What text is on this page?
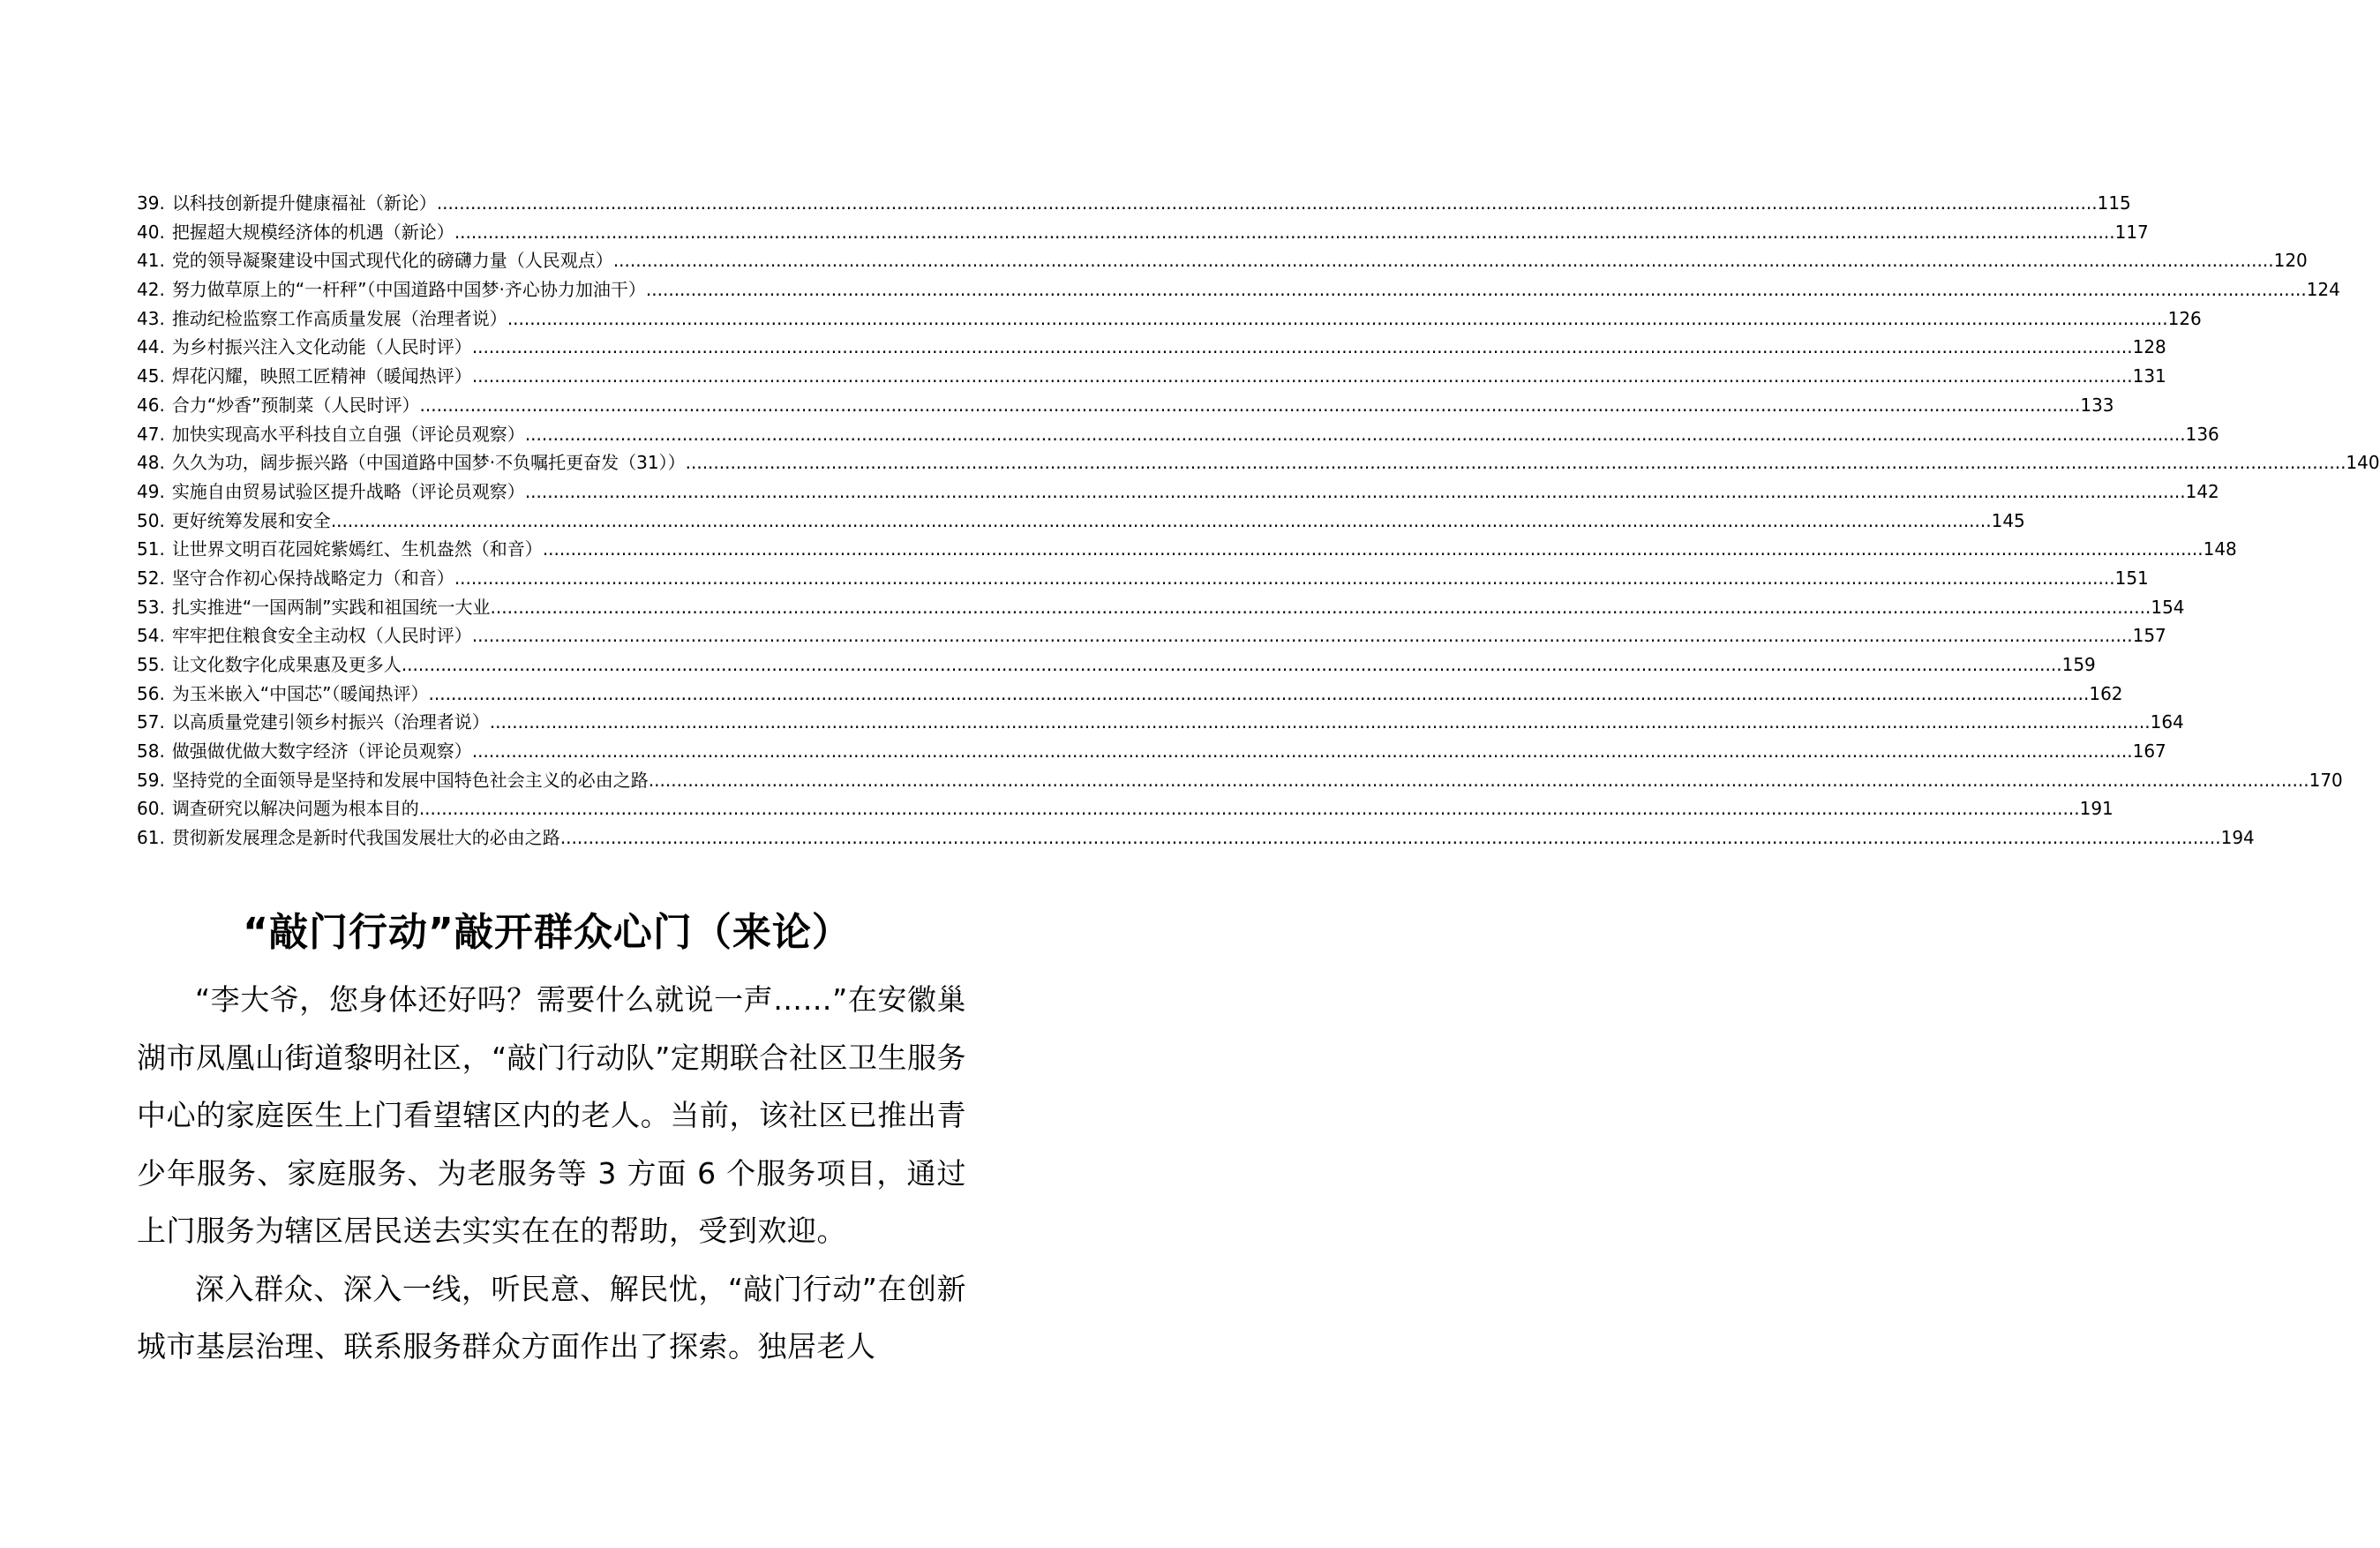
39. 以科技创新提升健康福祉（新论） .....	115
40. 把握超大规模经济体的机遇（新论） .....	117
41. 党的领导凝聚建设中国式现代化的磅礴力量（人民观点） .....	120
42. 努力做草原上的“一杆秤”（中国道路中国梦·齐心协力加油干） .....	124
43. 推动纪检监察工作高质量发展（治理者说） .....	126
44. 为乡村振兴注入文化动能（人民时评） .....	128
45. 焊花闪耀，映照工匠精神（暖闻热评） .....	131
46. 合力“炒香”预制菜（人民时评） .....	133
47. 加快实现高水平科技自立自强（评论员观察） .....	136
48. 久久为功，阔步振兴路（中国道路中国梦·不负嘱托更奋发（31）） .....	140
49. 实施自由贸易试验区提升战略（评论员观察） .....	142
50. 更好统筹发展和安全 .....	145
51. 让世界文明百花园姹紫嫣红、生机盎然（和音） .....	148
52. 坚守合作初心保持战略定力（和音） .....	151
53. 扎实推进“一国两制”实践和祖国统一大业 .....	154
54. 牢牢把住粮食安全主动权（人民时评） .....	157
55. 让文化数字化成果惠及更多人 .....	159
56. 为玉米嵌入“中国芯”（暖闻热评） .....	162
57. 以高质量党建引领乡村振兴（治理者说） .....	164
58. 做强做优做大数字经济（评论员观察） .....	167
59. 坚持党的全面领导是坚持和发展中国特色社会主义的必由之路 .....	170
60. 调查研究以解决问题为根本目的 .....	191
61. 贯彻新发展理念是新时代我国发展壮大的必由之路 .....	194
“敲门行动”敲开群众心门（来论）

“李大爷，您身体还好吗？需要什么就说一声……”在安徽巢湖市凤凰山街道黎明社区，“敲门行动队”定期联合社区卫生服务中心的家庭医生上门看望辖区内的老人。当前，该社区已推出青少年服务、家庭服务、为老服务等 3 方面 6 个服务项目，通过上门服务为辖区居民送去实实在在的帮助，受到欢迎。

深入群众、深入一线，听民意、解民忧，“敲门行动”在创新城市基层治理、联系服务群众方面作出了探索。独居老人
